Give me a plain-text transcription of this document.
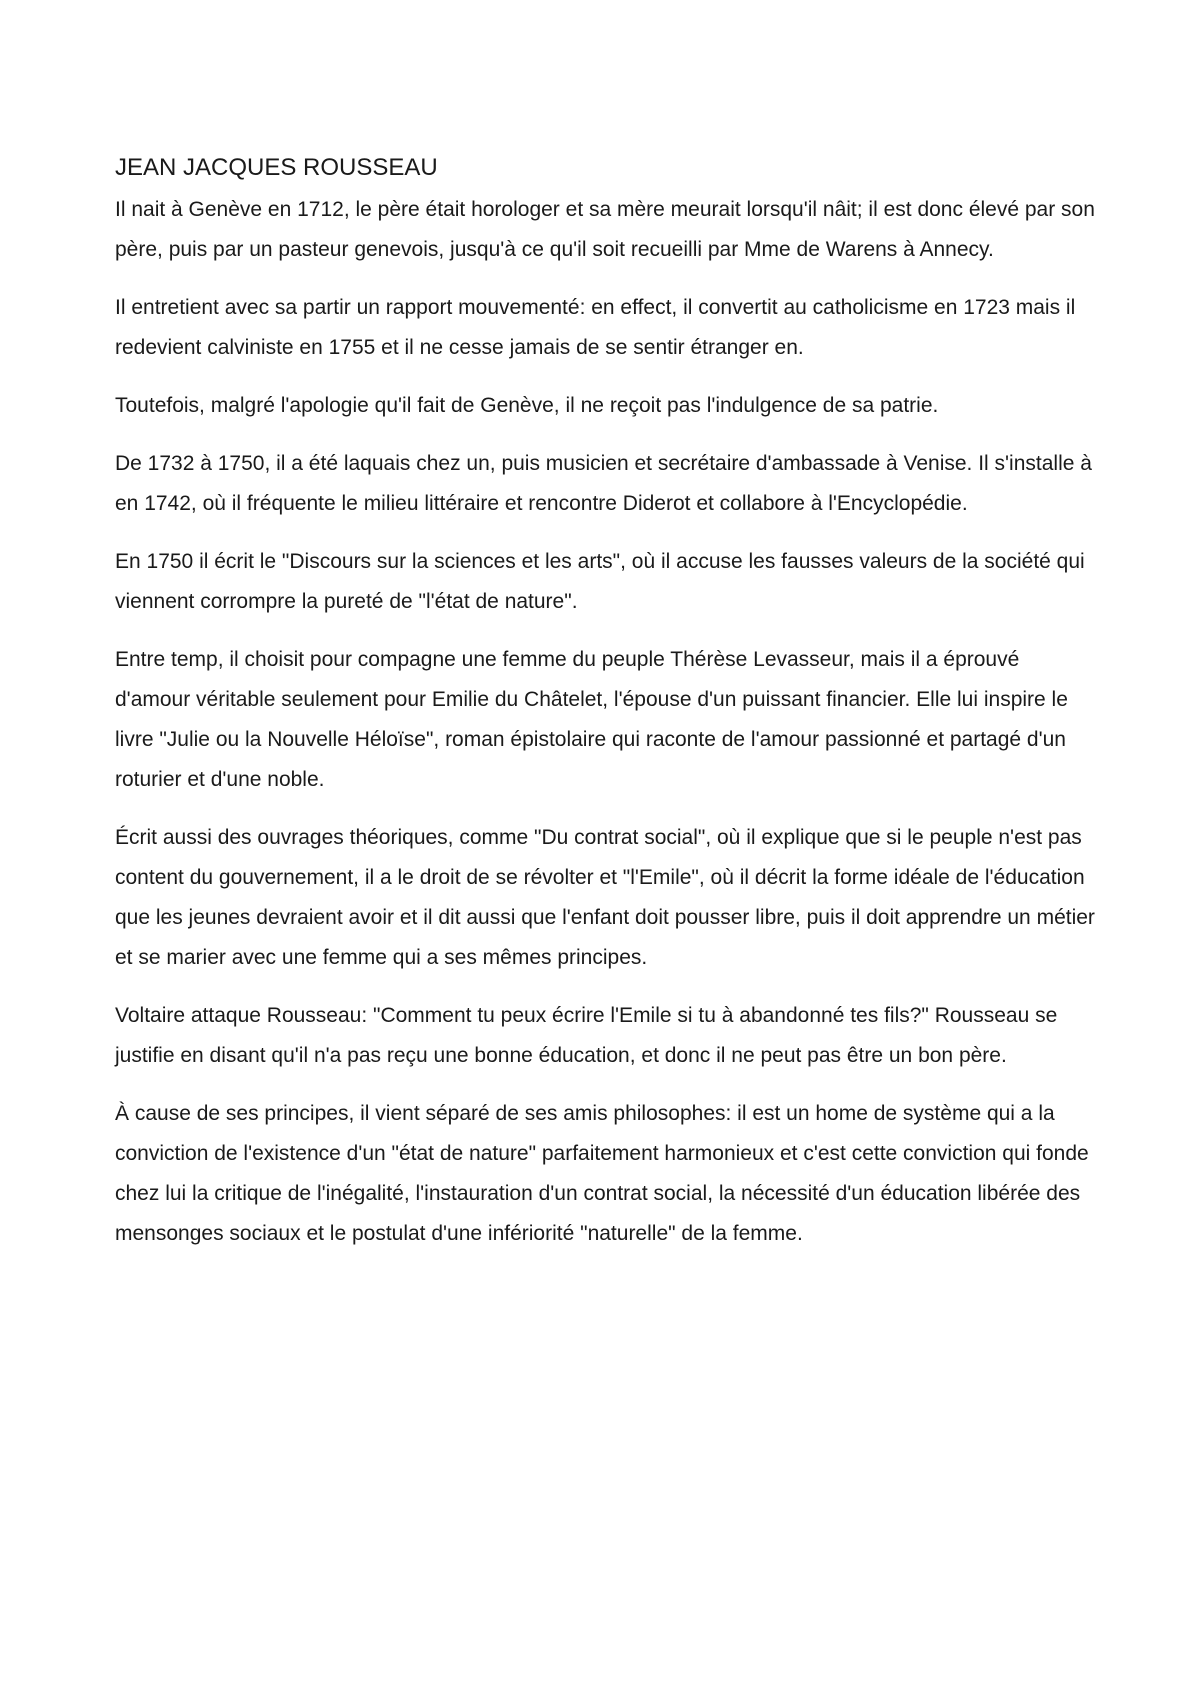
JEAN JACQUES ROUSSEAU

Il nait à Genève en 1712, le père était horologer et sa mère meurait lorsqu'il nâit; il est donc élevé par son père, puis par un pasteur genevois, jusqu'à ce qu'il soit recueilli par Mme de Warens à Annecy.

Il entretient avec sa partir un rapport mouvementé: en effect, il convertit au catholicisme en 1723 mais il redevient calviniste en 1755 et il ne cesse jamais de se sentir étranger en.

Toutefois, malgré l'apologie qu'il fait de Genève, il ne reçoit pas l'indulgence de sa patrie.

De 1732 à 1750, il a été laquais chez un, puis musicien et secrétaire d'ambassade à Venise. Il s'installe à en 1742, où il fréquente le milieu littéraire et rencontre Diderot et collabore à l'Encyclopédie.

En 1750 il écrit le "Discours sur la sciences et les arts", où il accuse les fausses valeurs de la société qui viennent corrompre la pureté de "l'état de nature".

Entre temp, il choisit pour compagne une femme du peuple Thérèse Levasseur, mais il a éprouvé d'amour véritable seulement pour Emilie du Châtelet, l'épouse d'un puissant financier. Elle lui inspire le livre "Julie ou la Nouvelle Héloïse", roman épistolaire qui raconte de l'amour passionné et partagé d'un roturier et d'une noble.

Écrit aussi des ouvrages théoriques, comme "Du contrat social", où il explique que si le peuple n'est pas content du gouvernement, il a le droit de se révolter et "l'Emile", où il décrit la forme idéale de l'éducation que les jeunes devraient avoir et il dit aussi que l'enfant doit pousser libre, puis il doit apprendre un métier et se marier avec une femme qui a ses mêmes principes.

Voltaire attaque Rousseau: "Comment tu peux écrire l'Emile si tu à abandonné tes fils?" Rousseau se justifie en disant qu'il n'a pas reçu une bonne éducation, et donc il ne peut pas être un bon père.

À cause de ses principes, il vient séparé de ses amis philosophes: il est un home de système qui a la conviction de l'existence d'un "état de nature" parfaitement harmonieux et c'est cette conviction qui fonde chez lui la critique de l'inégalité, l'instauration d'un contrat social, la nécessité d'un éducation libérée des mensonges sociaux et le postulat d'une infériorité "naturelle" de la femme.
